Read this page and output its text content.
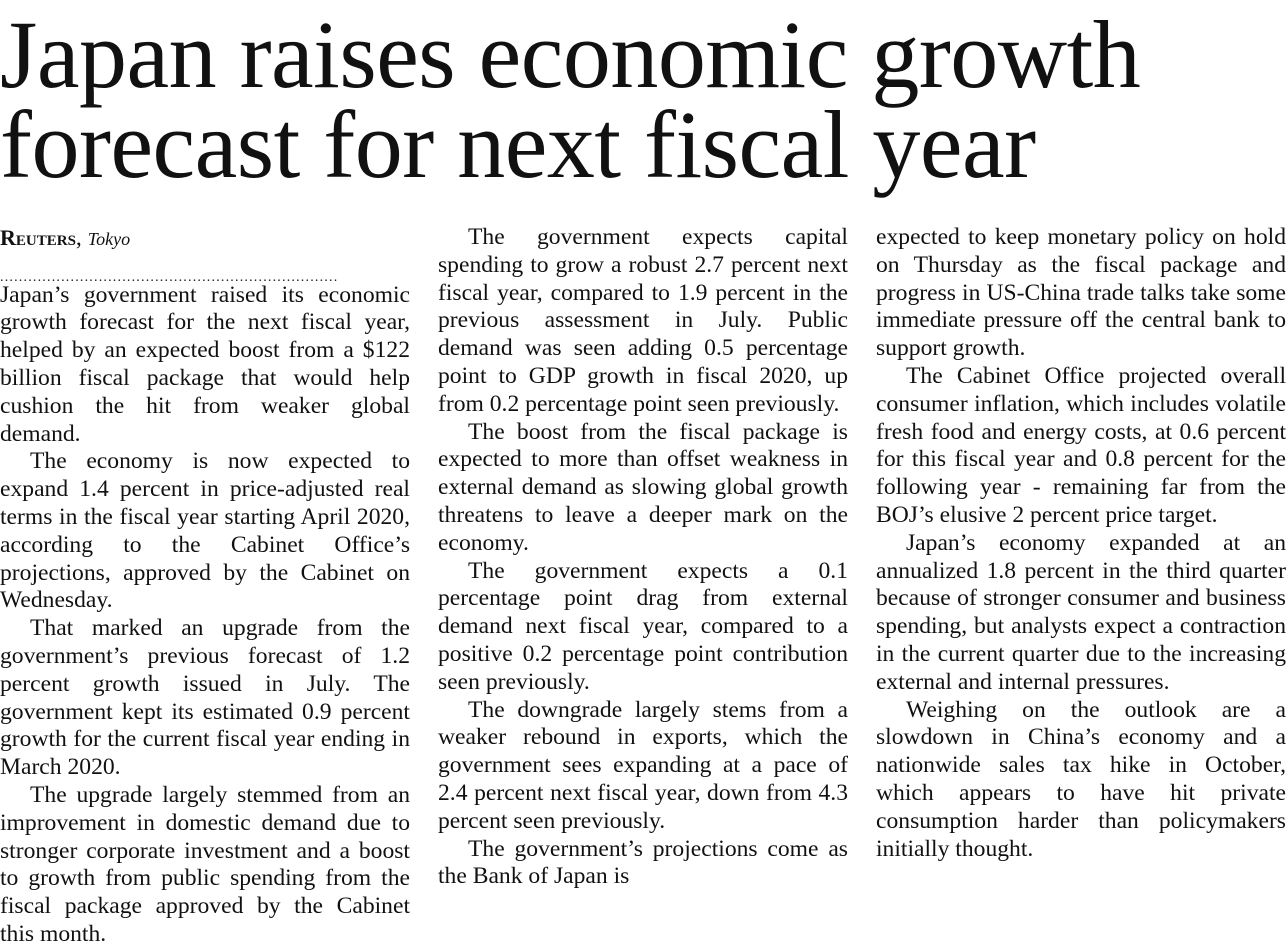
Japan raises economic growth
forecast for next fiscal year
Reuters, Tokyo
........................................................................

Japan’s government raised its economic growth forecast for the next fiscal year, helped by an expected boost from a $122 billion fiscal package that would help cushion the hit from weaker global demand.

The economy is now expected to expand 1.4 percent in price-adjusted real terms in the fiscal year starting April 2020, according to the Cabinet Office’s projections, approved by the Cabinet on Wednesday.

That marked an upgrade from the government’s previous forecast of 1.2 percent growth issued in July. The government kept its estimated 0.9 percent growth for the current fiscal year ending in March 2020.

The upgrade largely stemmed from an improvement in domestic demand due to stronger corporate investment and a boost to growth from public spending from the fiscal package approved by the Cabinet this month.

The government expects capital spending to grow a robust 2.7 percent next fiscal year, compared to 1.9 percent in the previous assessment in July. Public demand was seen adding 0.5 percentage point to GDP growth in fiscal 2020, up from 0.2 percentage point seen previously.

The boost from the fiscal package is expected to more than offset weakness in external demand as slowing global growth threatens to leave a deeper mark on the economy.

The government expects a 0.1 percentage point drag from external demand next fiscal year, compared to a positive 0.2 percentage point contribution seen previously.

The downgrade largely stems from a weaker rebound in exports, which the government sees expanding at a pace of 2.4 percent next fiscal year, down from 4.3 percent seen previously.

The government’s projections come as the Bank of Japan is

expected to keep monetary policy on hold on Thursday as the fiscal package and progress in US-China trade talks take some immediate pressure off the central bank to support growth.

The Cabinet Office projected overall consumer inflation, which includes volatile fresh food and energy costs, at 0.6 percent for this fiscal year and 0.8 percent for the following year - remaining far from the BOJ’s elusive 2 percent price target.

Japan’s economy expanded at an annualized 1.8 percent in the third quarter because of stronger consumer and business spending, but analysts expect a contraction in the current quarter due to the increasing external and internal pressures.

Weighing on the outlook are a slowdown in China’s economy and a nationwide sales tax hike in October, which appears to have hit private consumption harder than policymakers initially thought.
